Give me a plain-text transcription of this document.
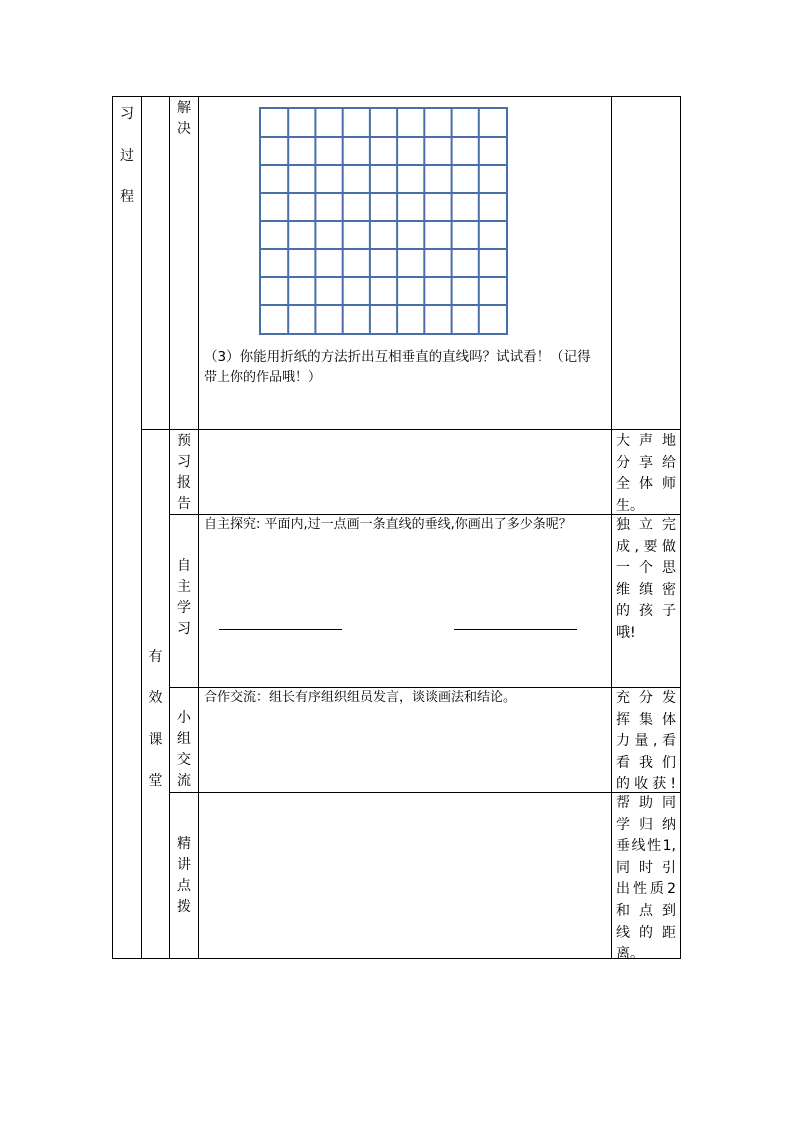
习
过
程
有
效
课
堂
解
决
（3）你能用折纸的方法折出互相垂直的直线吗？试试看！（记得
带上你的作品哦！）
预
习
报
告
大声地
分享给
全体师
生。
自
主
学
习
自主探究: 平面内,过一点画一条直线的垂线,你画出了多少条呢？	独立完
成,要做
一个思
维缜密
的孩子
哦!
小
组
交
流
合作交流：组长有序组织组员发言，谈谈画法和结论。	充分发
挥集体
力量,看
看我们
的收获!
精
讲
点
拨
帮助同
学归纳
垂线性1,
同时引
出性质2
和点到
线的距
离。
